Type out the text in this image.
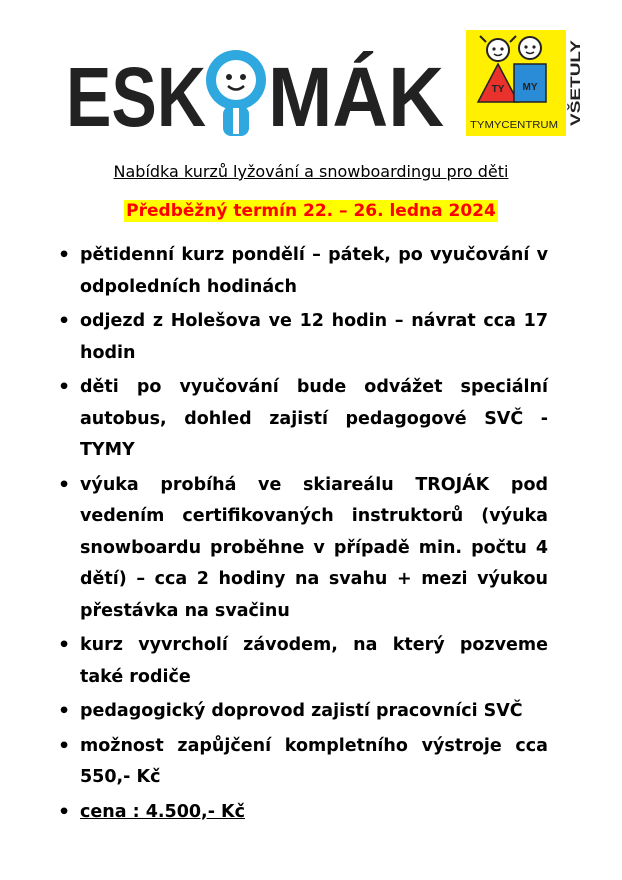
ESK MÁK	TY MY
TYMYCENTRUM VŠETULY
Nabídka kurzů lyžování a snowboardingu pro děti
Předběžný termín 22. – 26. ledna 2024
• pětidenní kurz pondělí – pátek, po vyučování v odpoledních hodinách
• odjezd z Holešova ve 12 hodin – návrat cca 17 hodin
• děti po vyučování bude odvážet speciální autobus, dohled zajistí pedagogové SVČ - TYMY
• výuka probíhá ve skiareálu TROJÁK pod vedením certifikovaných instruktorů (výuka snowboardu proběhne v případě min. počtu 4 dětí) – cca 2 hodiny na svahu + mezi výukou přestávka na svačinu
• kurz vyvrcholí závodem, na který pozveme také rodiče
• pedagogický doprovod zajistí pracovníci SVČ
• možnost zapůjčení kompletního výstroje cca 550,- Kč
• cena : 4.500,- Kč
